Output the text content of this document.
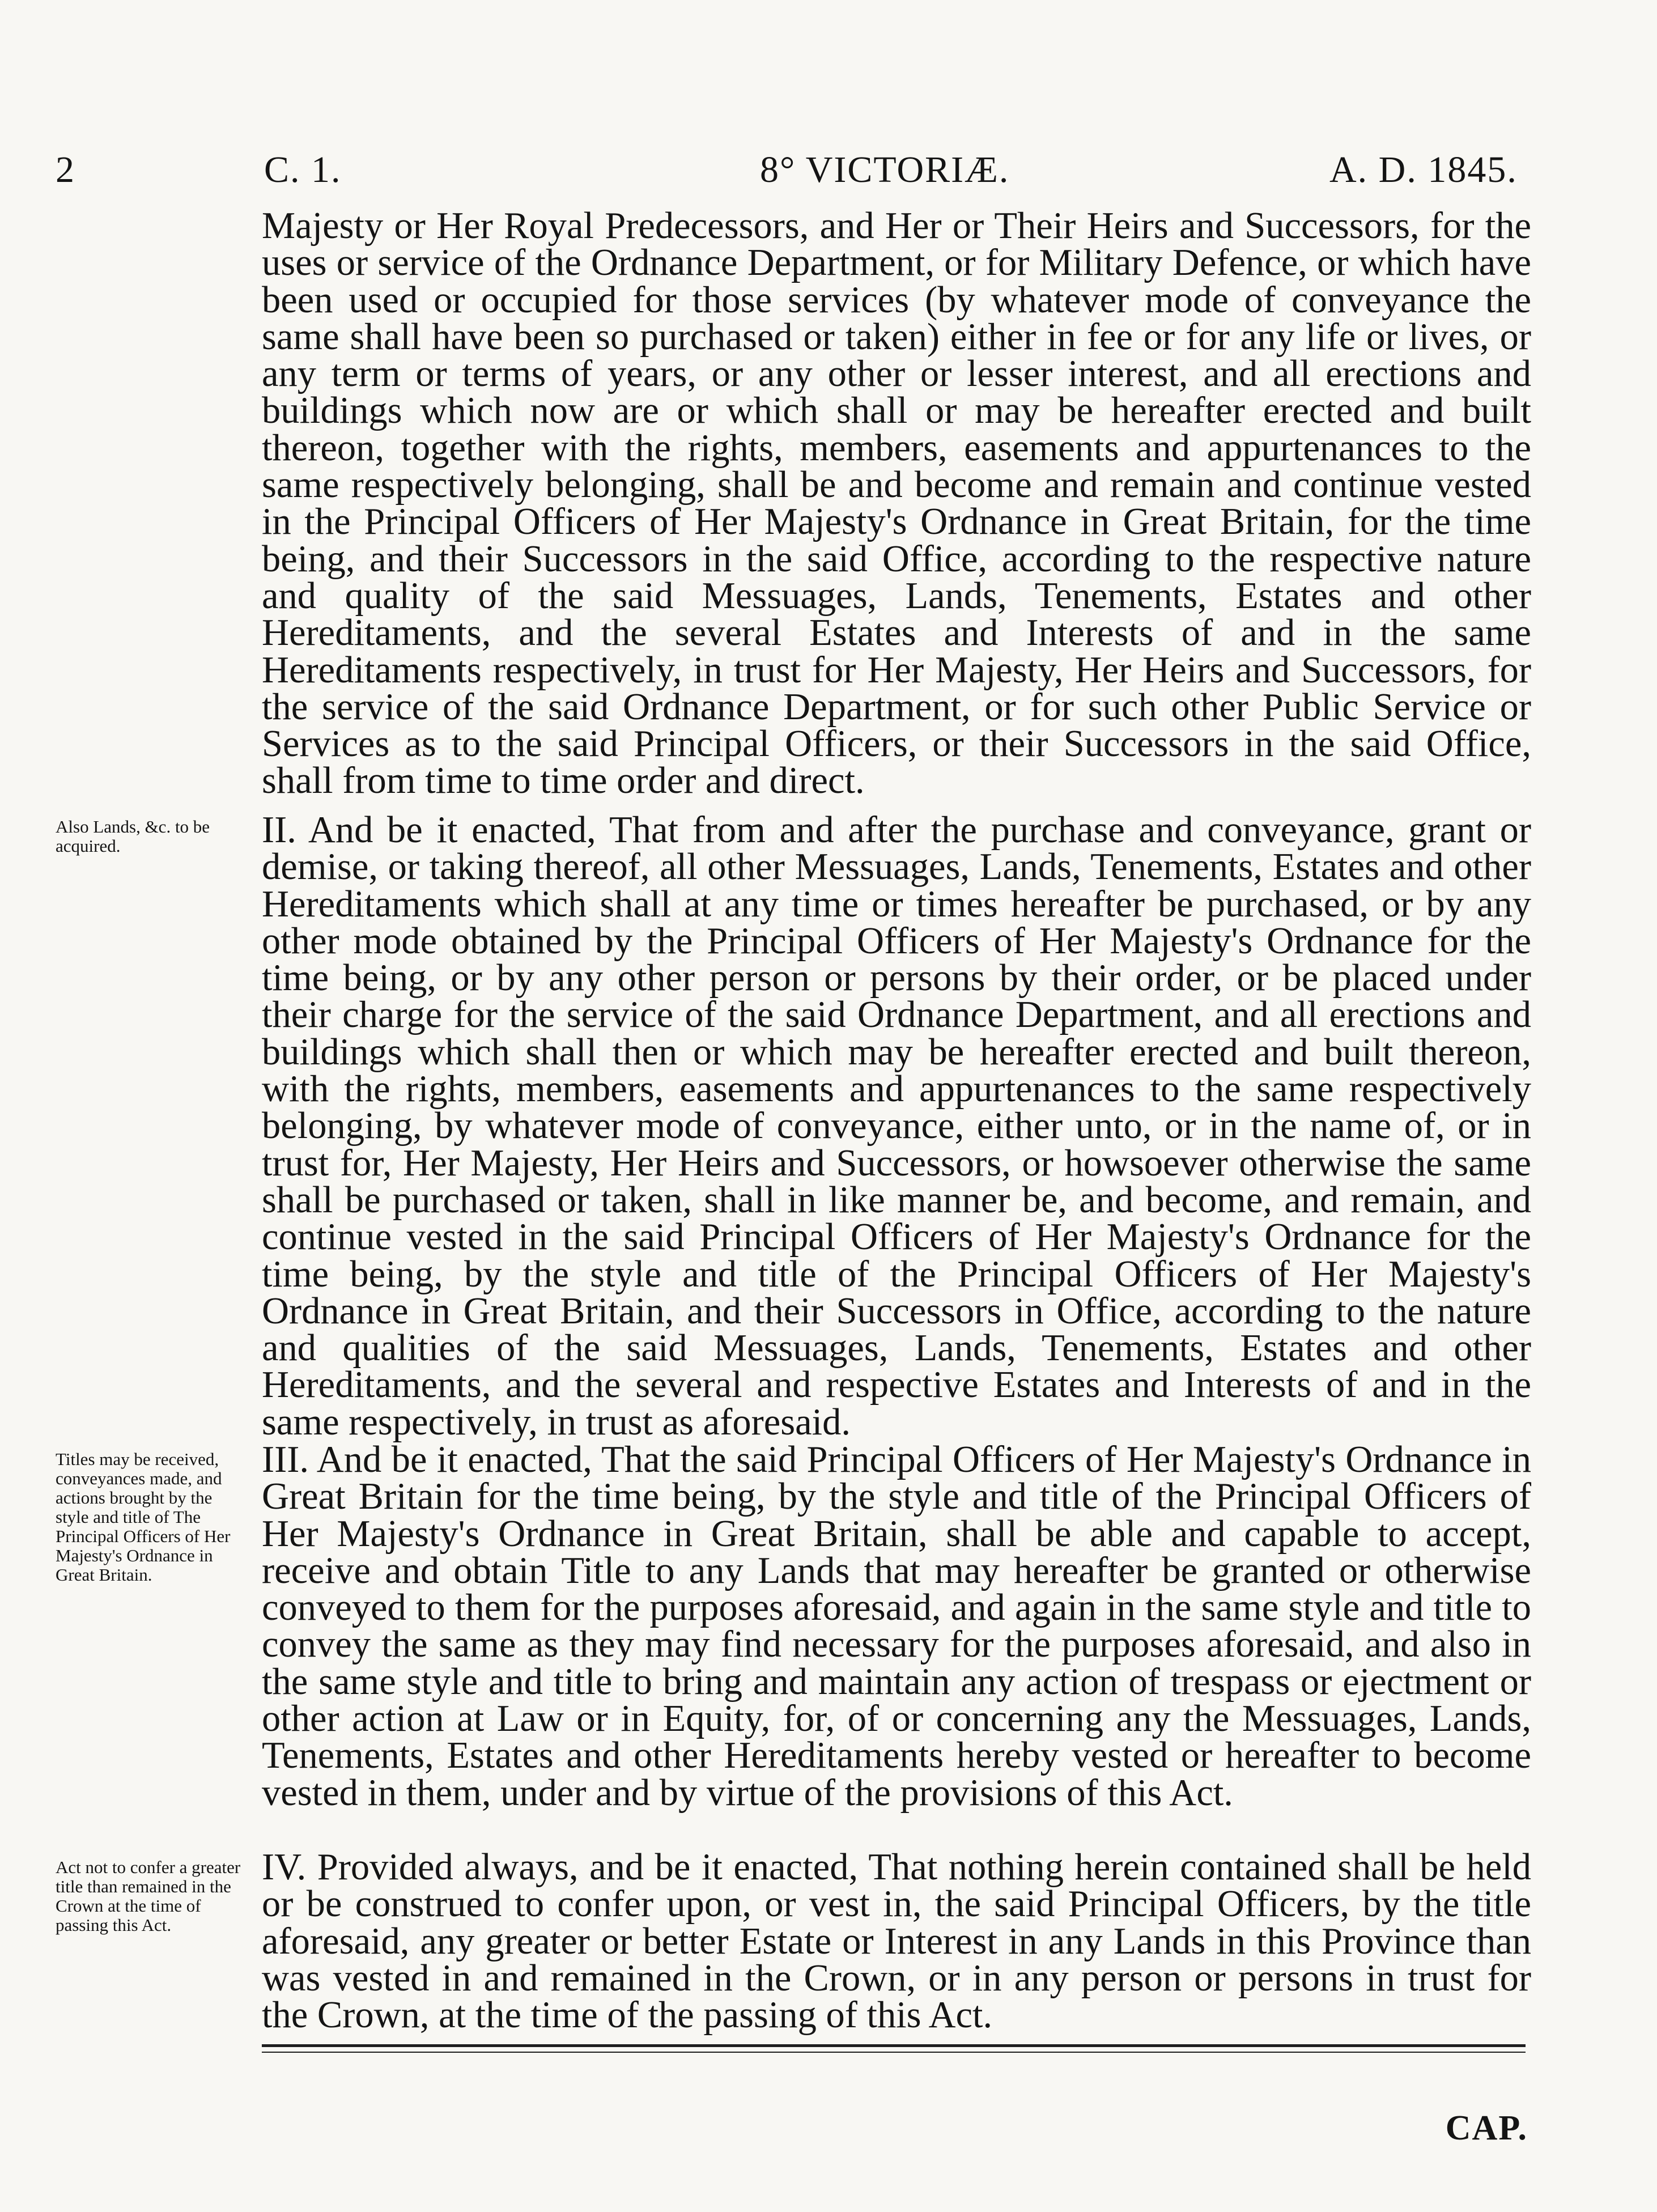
2	C. 1.	8° VICTORIÆ.	A. D. 1845.

Majesty or Her Royal Predecessors, and Her or Their Heirs and Successors, for the uses or service of the Ordnance Department, or for Military Defence, or which have been used or occupied for those services (by whatever mode of conveyance the same shall have been so purchased or taken) either in fee or for any life or lives, or any term or terms of years, or any other or lesser interest, and all erections and buildings which now are or which shall or may be hereafter erected and built thereon, together with the rights, members, easements and appurtenances to the same respectively belonging, shall be and become and remain and continue vested in the Principal Officers of Her Majesty's Ordnance in Great Britain, for the time being, and their Successors in the said Office, according to the respective nature and quality of the said Messuages, Lands, Tenements, Estates and other Hereditaments, and the several Estates and Interests of and in the same Hereditaments respectively, in trust for Her Majesty, Her Heirs and Successors, for the service of the said Ordnance Department, or for such other Public Service or Services as to the said Principal Officers, or their Successors in the said Office, shall from time to time order and direct.

Also Lands, &c. to be acquired.	II. And be it enacted, That from and after the purchase and conveyance, grant or demise, or taking thereof, all other Messuages, Lands, Tenements, Estates and other Hereditaments which shall at any time or times hereafter be purchased, or by any other mode obtained by the Principal Officers of Her Majesty's Ordnance for the time being, or by any other person or persons by their order, or be placed under their charge for the service of the said Ordnance Department, and all erections and buildings which shall then or which may be hereafter erected and built thereon, with the rights, members, easements and appurtenances to the same respectively belonging, by whatever mode of conveyance, either unto, or in the name of, or in trust for, Her Majesty, Her Heirs and Successors, or howsoever otherwise the same shall be purchased or taken, shall in like manner be, and become, and remain, and continue vested in the said Principal Officers of Her Majesty's Ordnance for the time being, by the style and title of the Principal Officers of Her Majesty's Ordnance in Great Britain, and their Successors in Office, according to the nature and qualities of the said Messuages, Lands, Tenements, Estates and other Hereditaments, and the several and respective Estates and Interests of and in the same respectively, in trust as aforesaid.

Titles may be received, conveyances made, and actions brought by the style and title of The Principal Officers of Her Majesty's Ordnance in Great Britain.

III. And be it enacted, That the said Principal Officers of Her Majesty's Ordnance in Great Britain for the time being, by the style and title of the Principal Officers of Her Majesty's Ordnance in Great Britain, shall be able and capable to accept, receive and obtain Title to any Lands that may hereafter be granted or otherwise conveyed to them for the purposes aforesaid, and again in the same style and title to convey the same as they may find necessary for the purposes aforesaid, and also in the same style and title to bring and maintain any action of trespass or ejectment or other action at Law or in Equity, for, of or concerning any the Messuages, Lands, Tenements, Estates and other Hereditaments hereby vested or hereafter to become vested in them, under and by virtue of the provisions of this Act.

Act not to confer a greater title than remained in the Crown at the time of passing this Act.

IV. Provided always, and be it enacted, That nothing herein contained shall be held or be construed to confer upon, or vest in, the said Principal Officers, by the title aforesaid, any greater or better Estate or Interest in any Lands in this Province than was vested in and remained in the Crown, or in any person or persons in trust for the Crown, at the time of the passing of this Act.

CAP.
